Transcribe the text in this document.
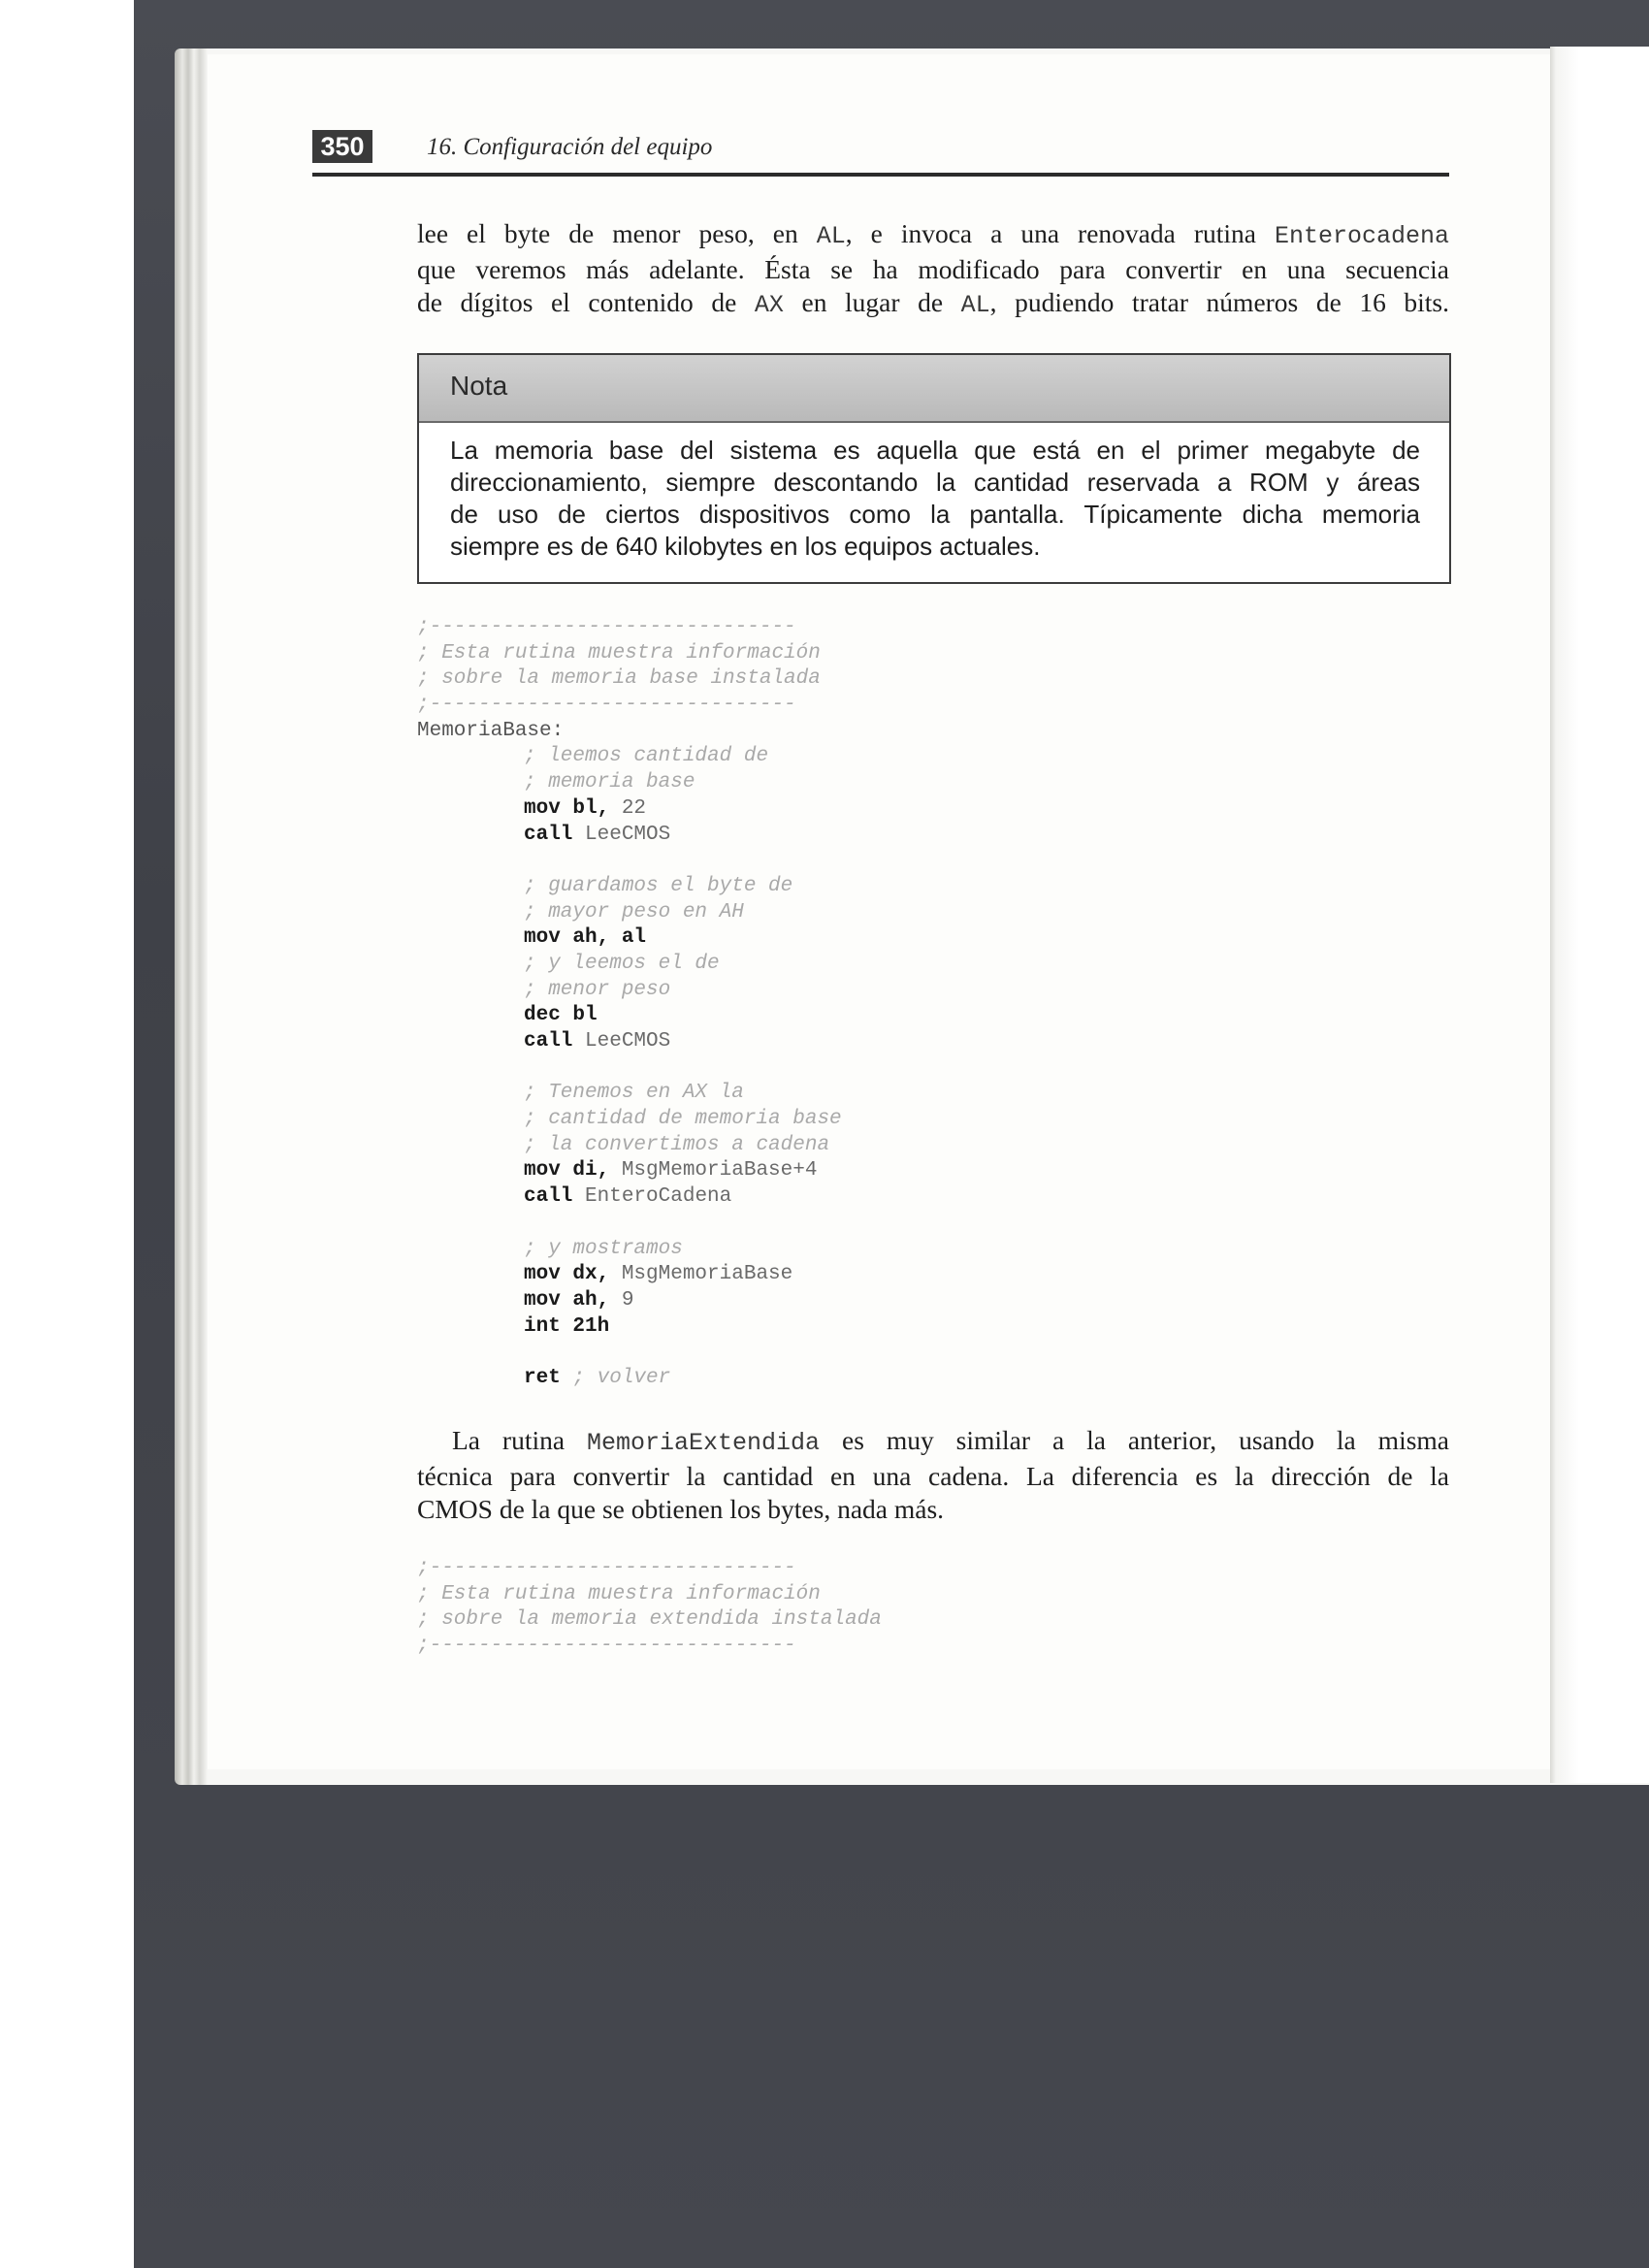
350	16. Configuración del equipo
lee el byte de menor peso, en AL, e invoca a una renovada rutina Enterocadena
que veremos más adelante. Ésta se ha modificado para convertir en una secuencia
de dígitos el contenido de AX en lugar de AL, pudiendo tratar números de 16 bits.
Nota
La memoria base del sistema es aquella que está en el primer megabyte de
direccionamiento, siempre descontando la cantidad reservada a ROM y áreas
de uso de ciertos dispositivos como la pantalla. Típicamente dicha memoria
siempre es de 640 kilobytes en los equipos actuales.
;------------------------------
; Esta rutina muestra información
; sobre la memoria base instalada
;------------------------------
MemoriaBase:
; leemos cantidad de
; memoria base
mov bl, 22
call LeeCMOS
; guardamos el byte de
; mayor peso en AH
mov ah, al
; y leemos el de
; menor peso
dec bl
call LeeCMOS
; Tenemos en AX la
; cantidad de memoria base
; la convertimos a cadena
mov di, MsgMemoriaBase+4
call EnteroCadena
; y mostramos
mov dx, MsgMemoriaBase
mov ah, 9
int 21h
ret ; volver
La rutina MemoriaExtendida es muy similar a la anterior, usando la misma
técnica para convertir la cantidad en una cadena. La diferencia es la dirección de la
CMOS de la que se obtienen los bytes, nada más.
;------------------------------
; Esta rutina muestra información
; sobre la memoria extendida instalada
;------------------------------
